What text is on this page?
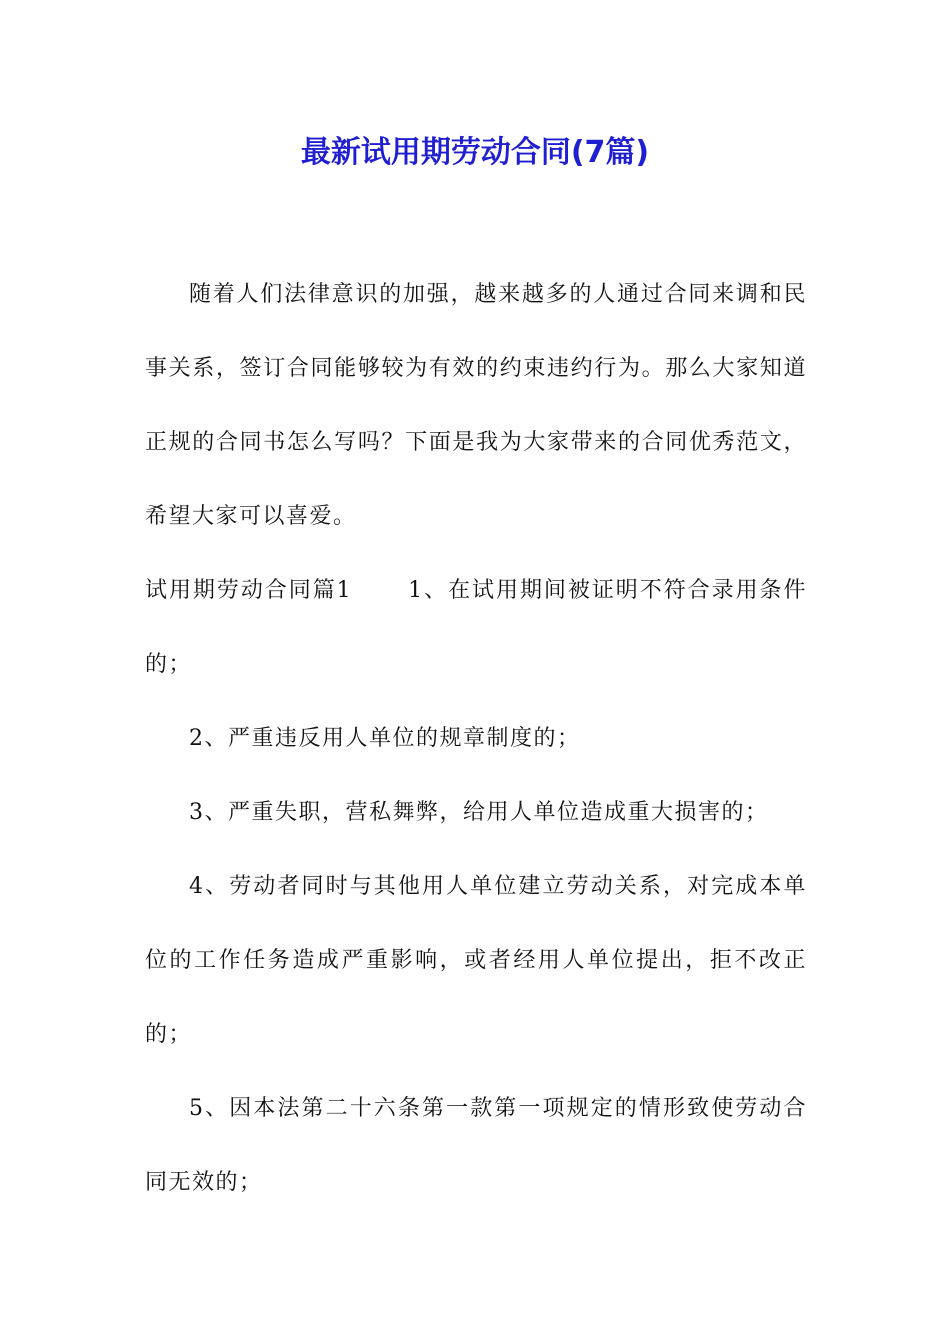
最新试用期劳动合同(7篇)

随着人们法律意识的加强，越来越多的人通过合同来调和民事关系，签订合同能够较为有效的约束违约行为。那么大家知道正规的合同书怎么写吗？下面是我为大家带来的合同优秀范文，希望大家可以喜爱。

试用期劳动合同篇1	1、在试用期间被证明不符合录用条件的；

2、严重违反用人单位的规章制度的；

3、严重失职，营私舞弊，给用人单位造成重大损害的；

4、劳动者同时与其他用人单位建立劳动关系，对完成本单位的工作任务造成严重影响，或者经用人单位提出，拒不改正的；

5、因本法第二十六条第一款第一项规定的情形致使劳动合同无效的；
